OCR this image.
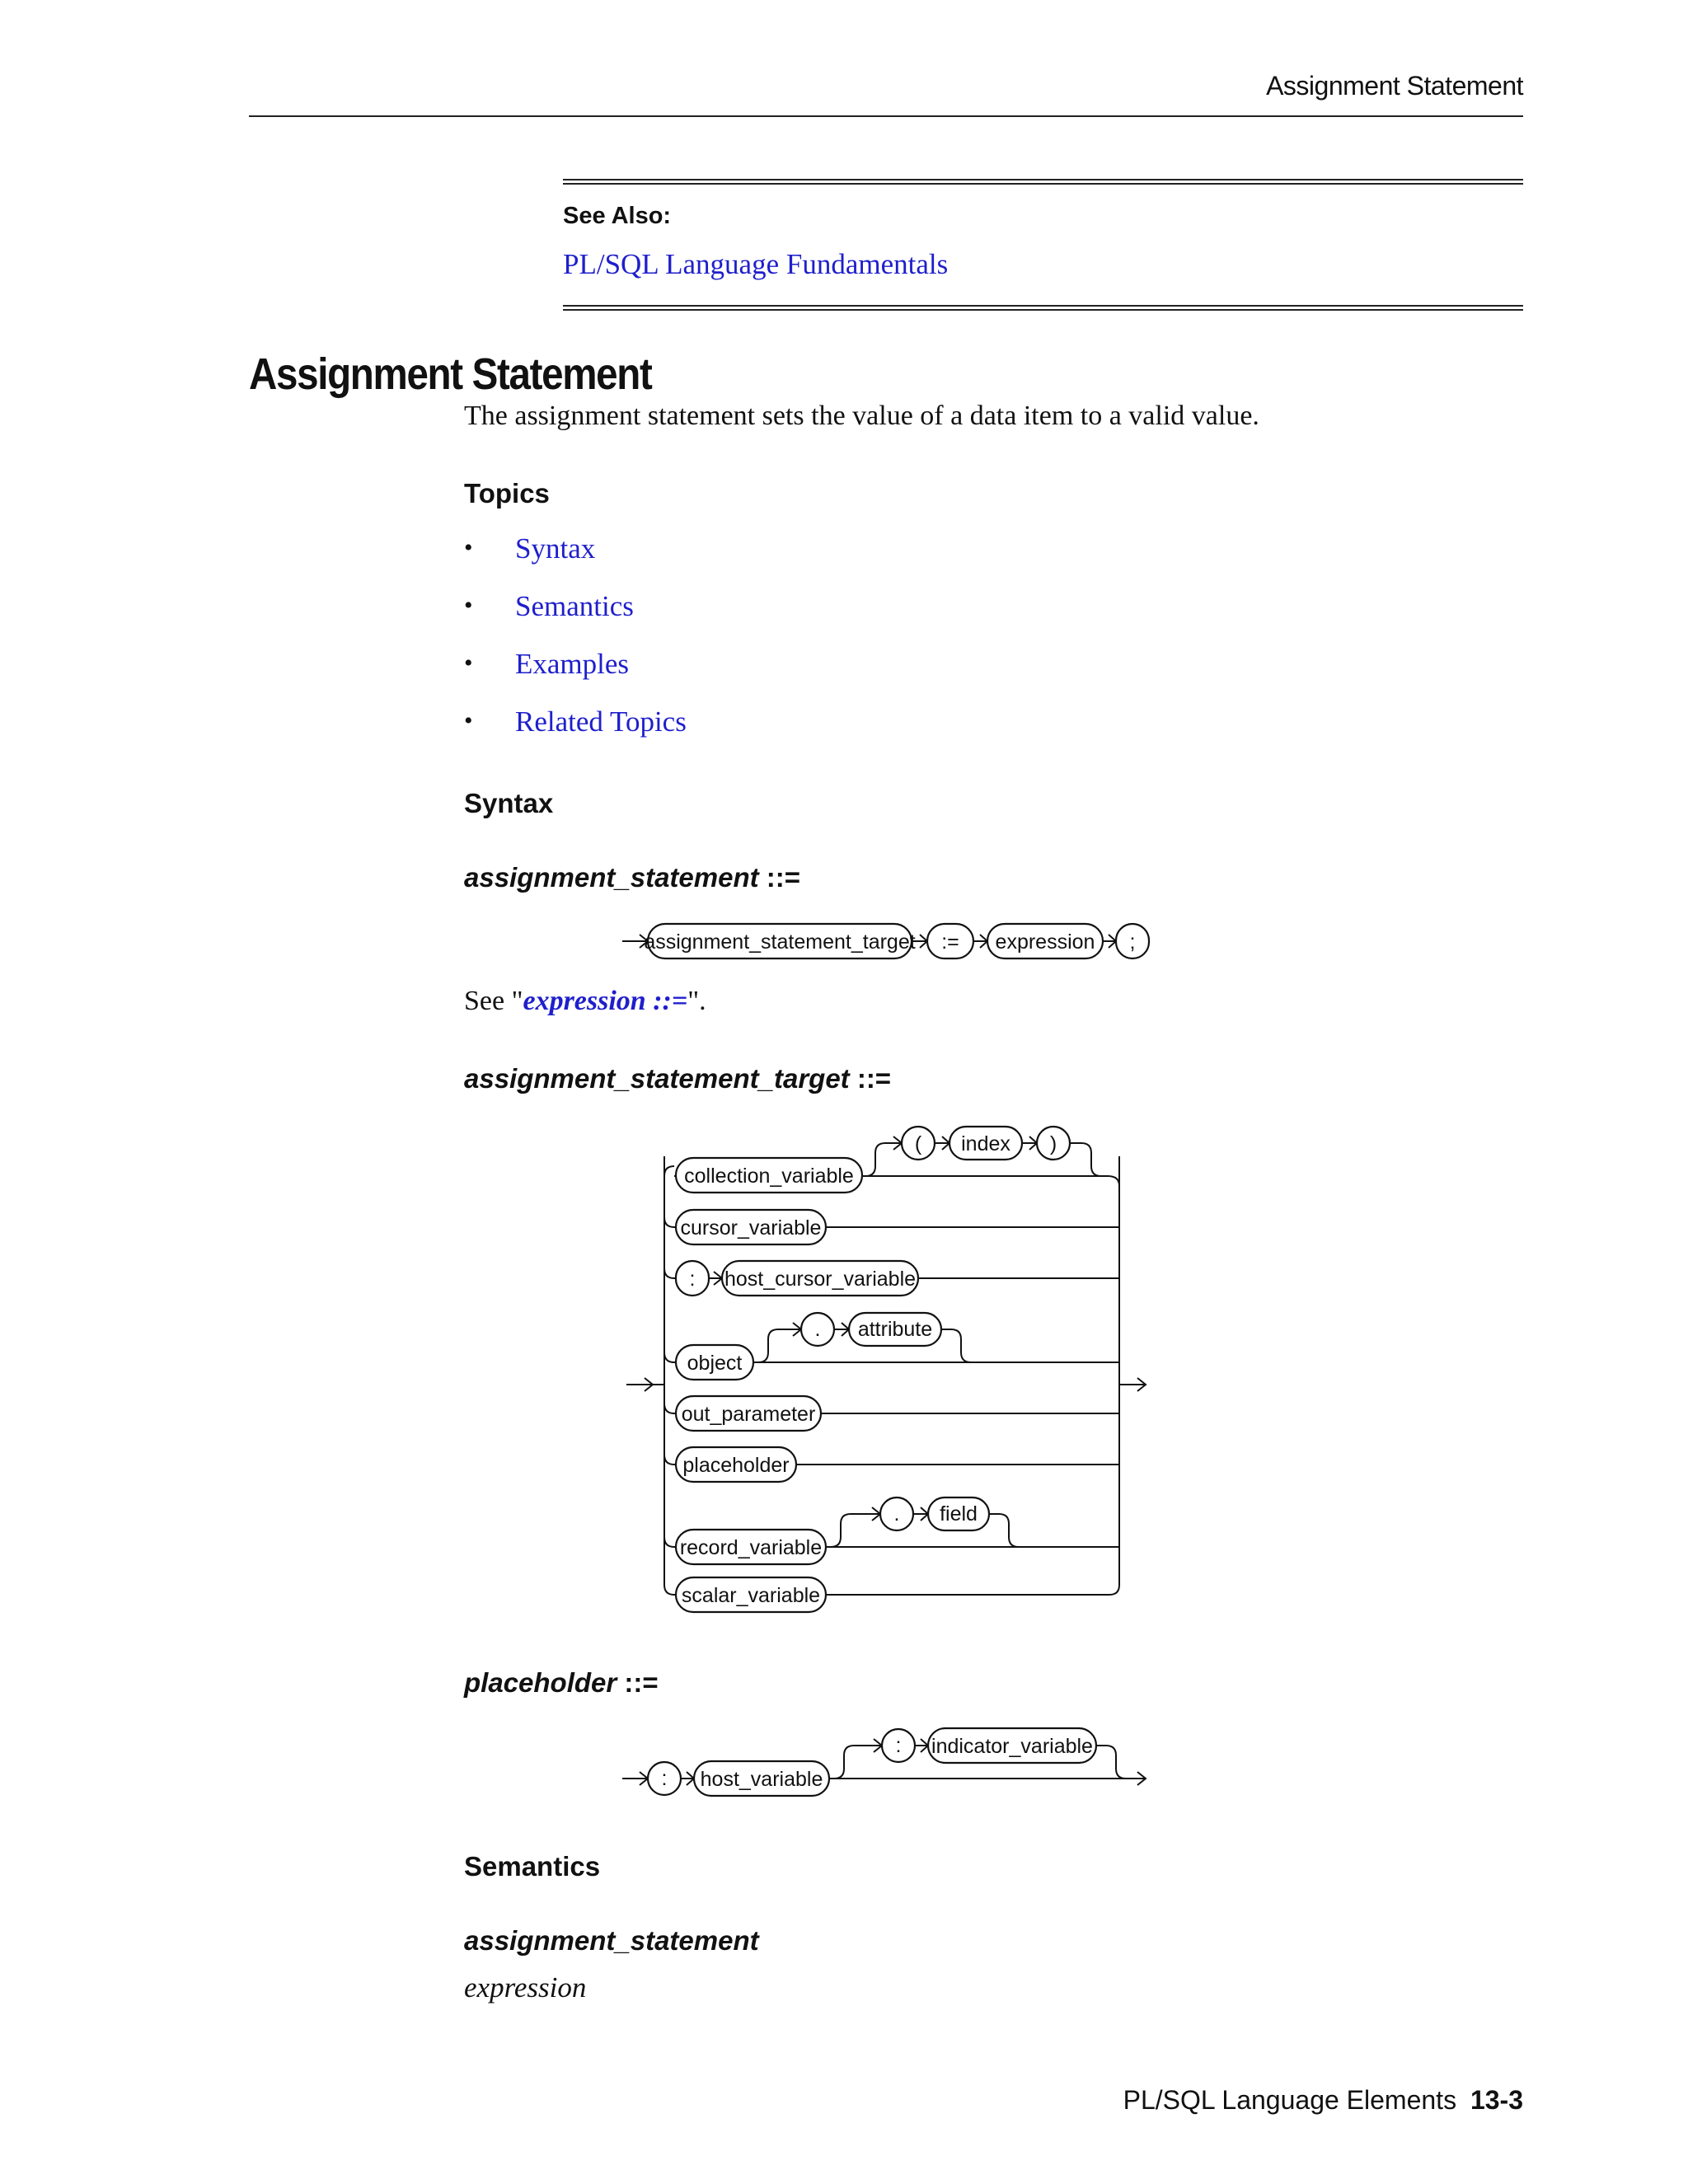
Assignment Statement
See Also:
PL/SQL Language Fundamentals
Assignment Statement
The assignment statement sets the value of a data item to a valid value.
Topics
• Syntax
• Semantics
• Examples
• Related Topics
Syntax
assignment_statement ::=
assignment_statement_target := expression ;
See "expression ::=".
assignment_statement_target ::=
collection_variable
( index )
cursor_variable
: host_cursor_variable
object
. attribute
out_parameter
placeholder
record_variable
. field
scalar_variable
placeholder ::=
: host_variable
: indicator_variable
Semantics
assignment_statement
expression
PL/SQL Language Elements 13-3
